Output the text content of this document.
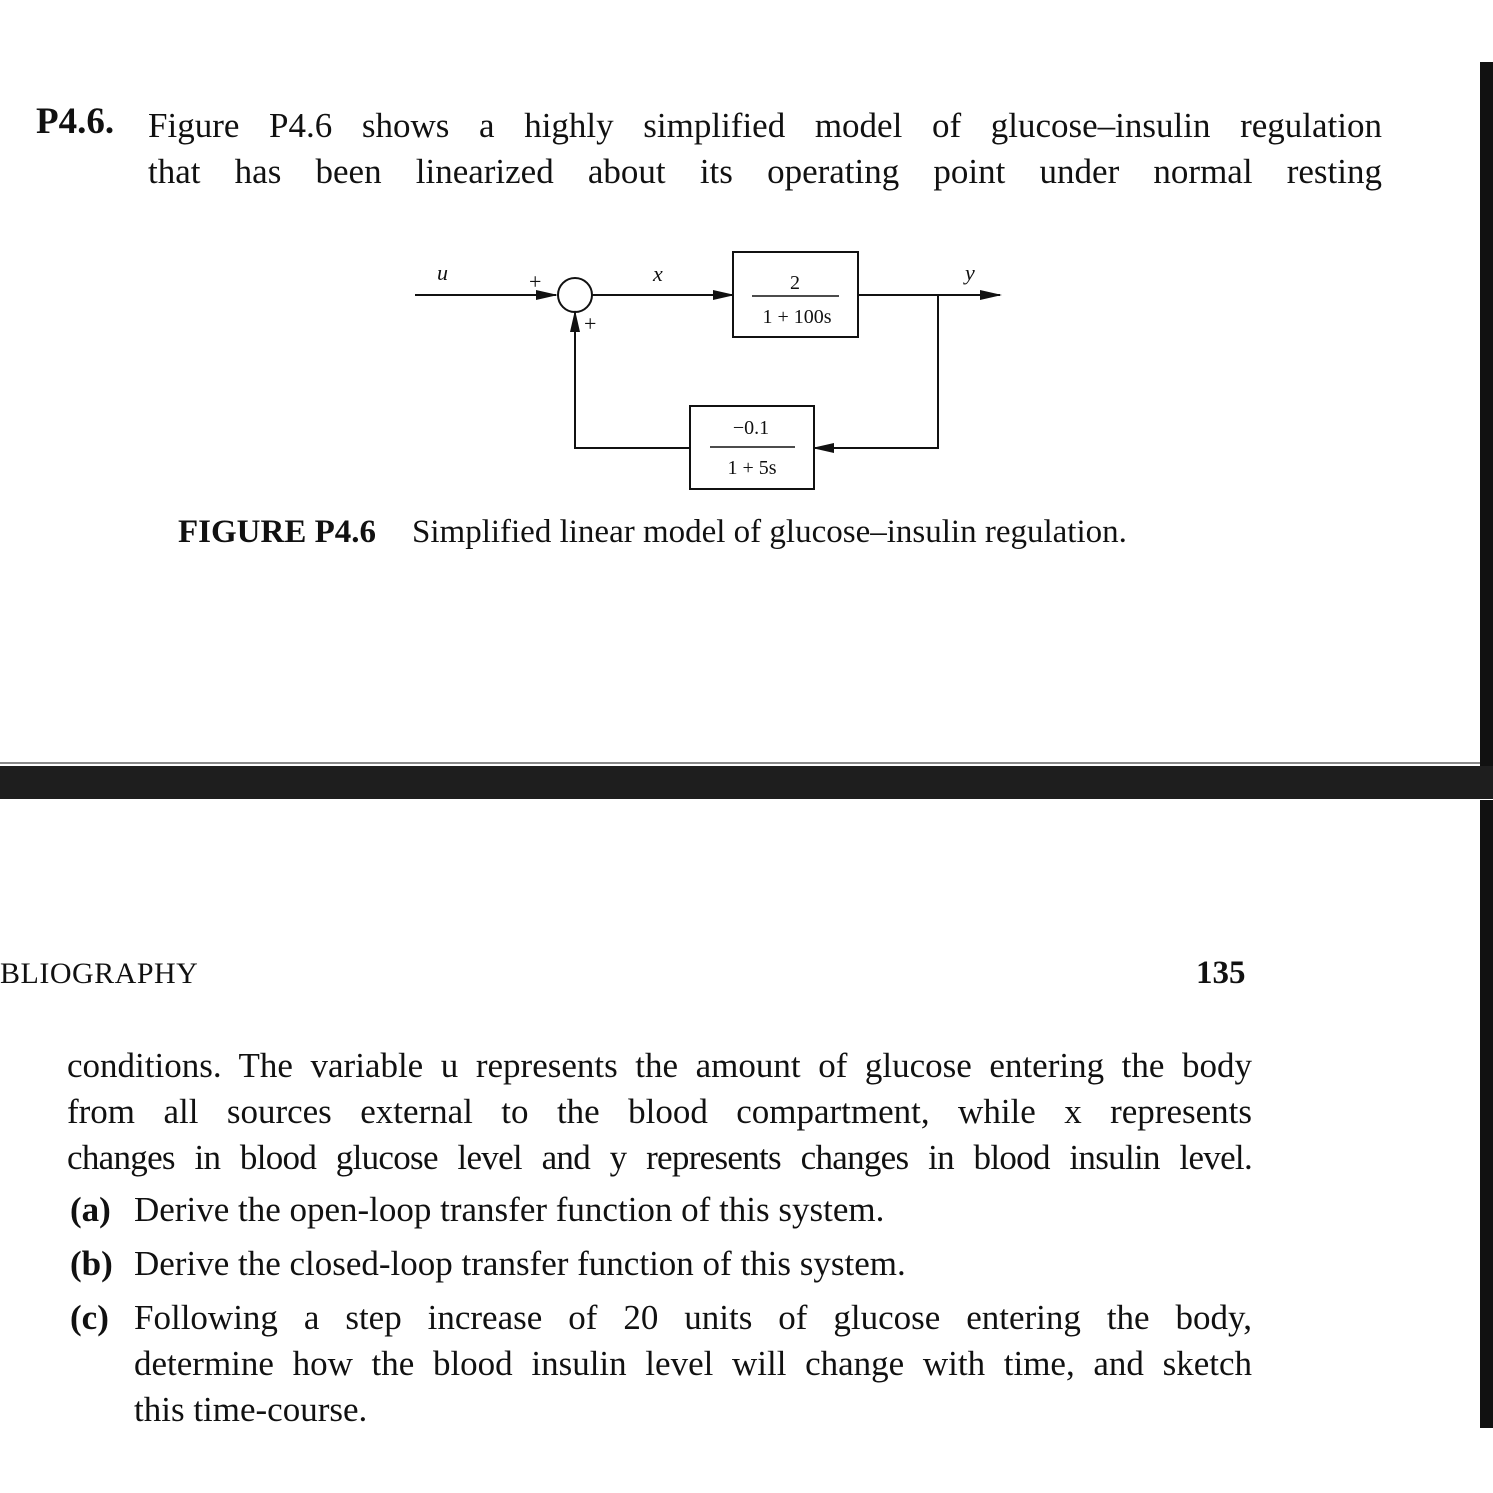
P4.6. Figure P4.6 shows a highly simplified model of glucose–insulin regulation
that has been linearized about its operating point under normal resting
u	+	x	2
1 + 100s
y
−0.1
1 + 5s
+
FIGURE P4.6 Simplified linear model of glucose–insulin regulation.
BLIOGRAPHY	135
conditions. The variable u represents the amount of glucose entering the body
from all sources external to the blood compartment, while x represents
changes in blood glucose level and y represents changes in blood insulin level.
(a) Derive the open-loop transfer function of this system.
(b) Derive the closed-loop transfer function of this system.
(c) Following a step increase of 20 units of glucose entering the body,
determine how the blood insulin level will change with time, and sketch
this time-course.
